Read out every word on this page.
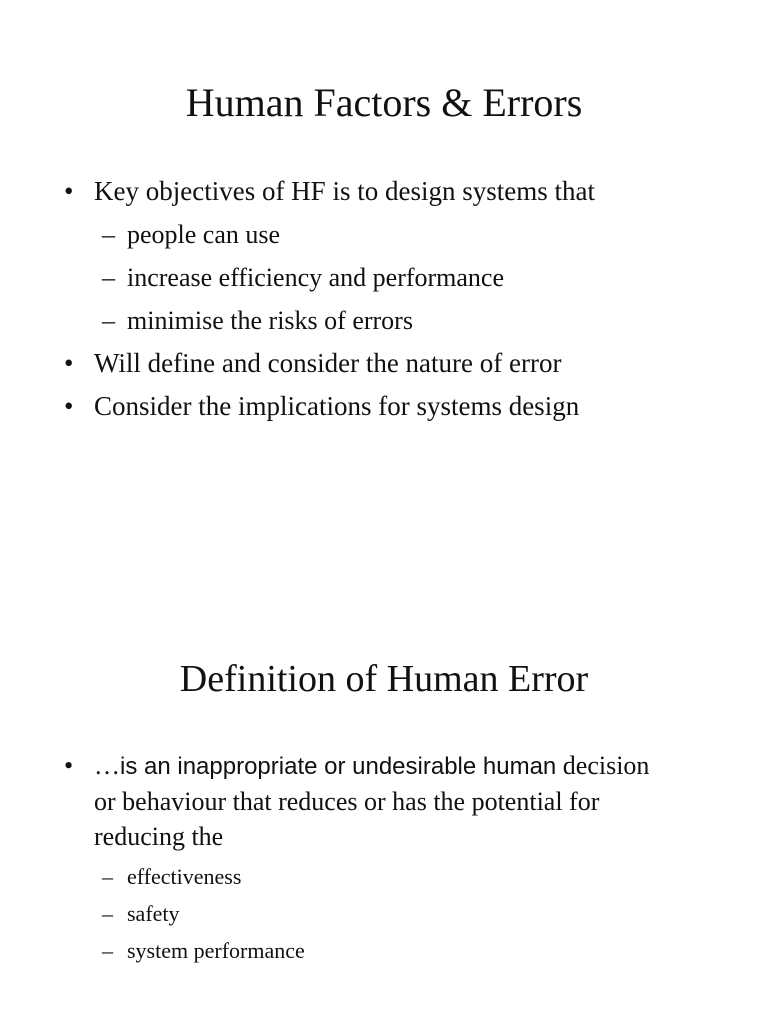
Human Factors & Errors
• Key objectives of HF is to design systems that
– people can use
– increase efficiency and performance
– minimise the risks of errors
• Will define and consider the nature of error
• Consider the implications for systems design
Definition of Human Error
• …is an inappropriate or undesirable human decision or behaviour that reduces or has the potential for reducing the
– effectiveness
– safety
– system performance
